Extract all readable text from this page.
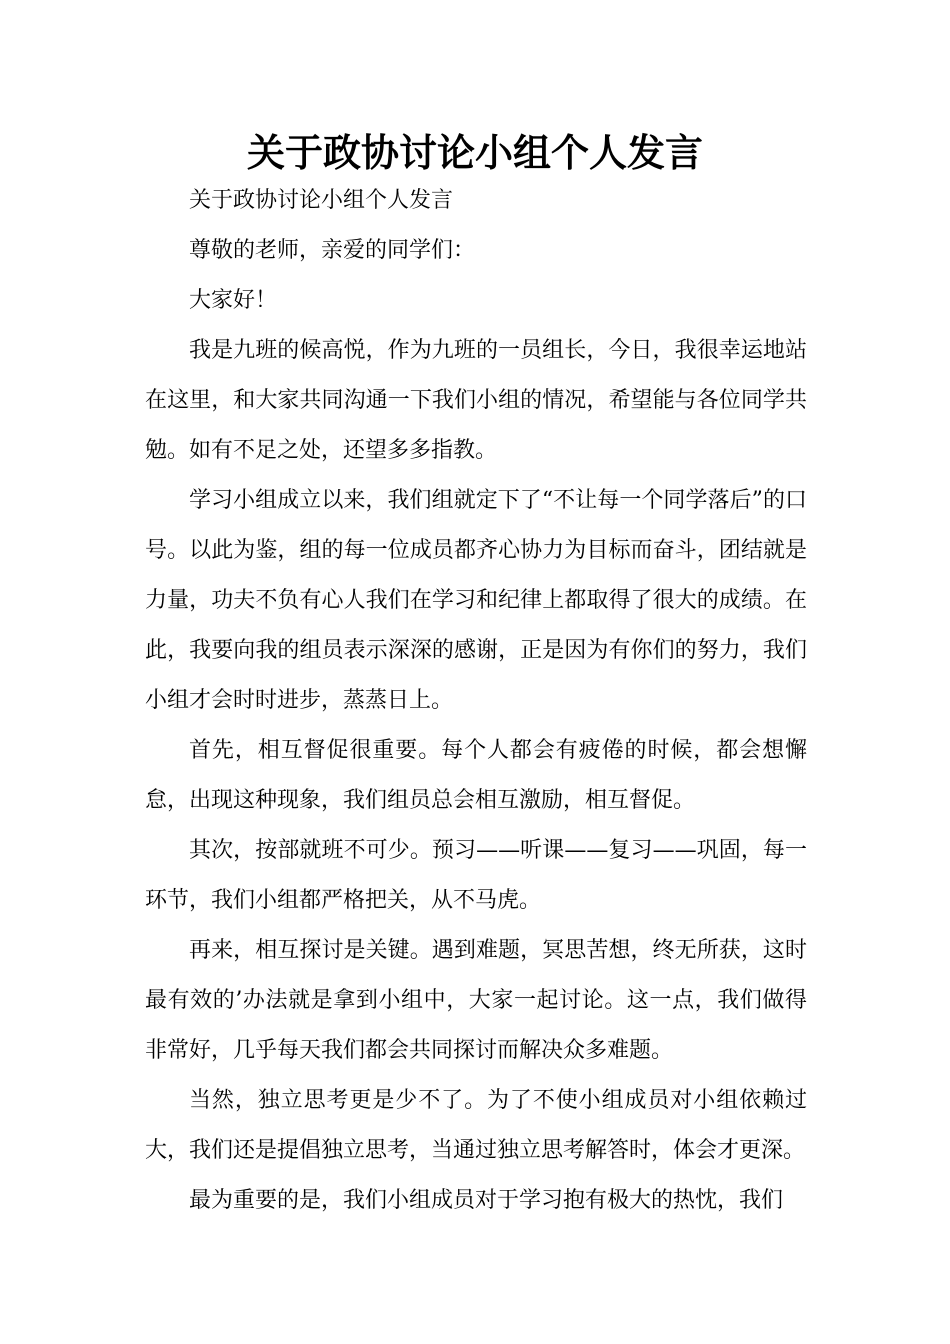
关于政协讨论小组个人发言

关于政协讨论小组个人发言

尊敬的老师，亲爱的同学们：

大家好！

我是九班的候高悦，作为九班的一员组长，今日，我很幸运地站在这里，和大家共同沟通一下我们小组的情况，希望能与各位同学共勉。如有不足之处，还望多多指教。

学习小组成立以来，我们组就定下了“不让每一个同学落后”的口号。以此为鉴，组的每一位成员都齐心协力为目标而奋斗，团结就是力量，功夫不负有心人我们在学习和纪律上都取得了很大的成绩。在此，我要向我的组员表示深深的感谢，正是因为有你们的努力，我们小组才会时时进步，蒸蒸日上。

首先，相互督促很重要。每个人都会有疲倦的时候，都会想懈怠，出现这种现象，我们组员总会相互激励，相互督促。

其次，按部就班不可少。预习——听课——复习——巩固，每一环节，我们小组都严格把关，从不马虎。

再来，相互探讨是关键。遇到难题，冥思苦想，终无所获，这时最有效的’办法就是拿到小组中，大家一起讨论。这一点，我们做得非常好，几乎每天我们都会共同探讨而解决众多难题。

当然，独立思考更是少不了。为了不使小组成员对小组依赖过大，我们还是提倡独立思考，当通过独立思考解答时，体会才更深。

最为重要的是，我们小组成员对于学习抱有极大的热忱，我们
